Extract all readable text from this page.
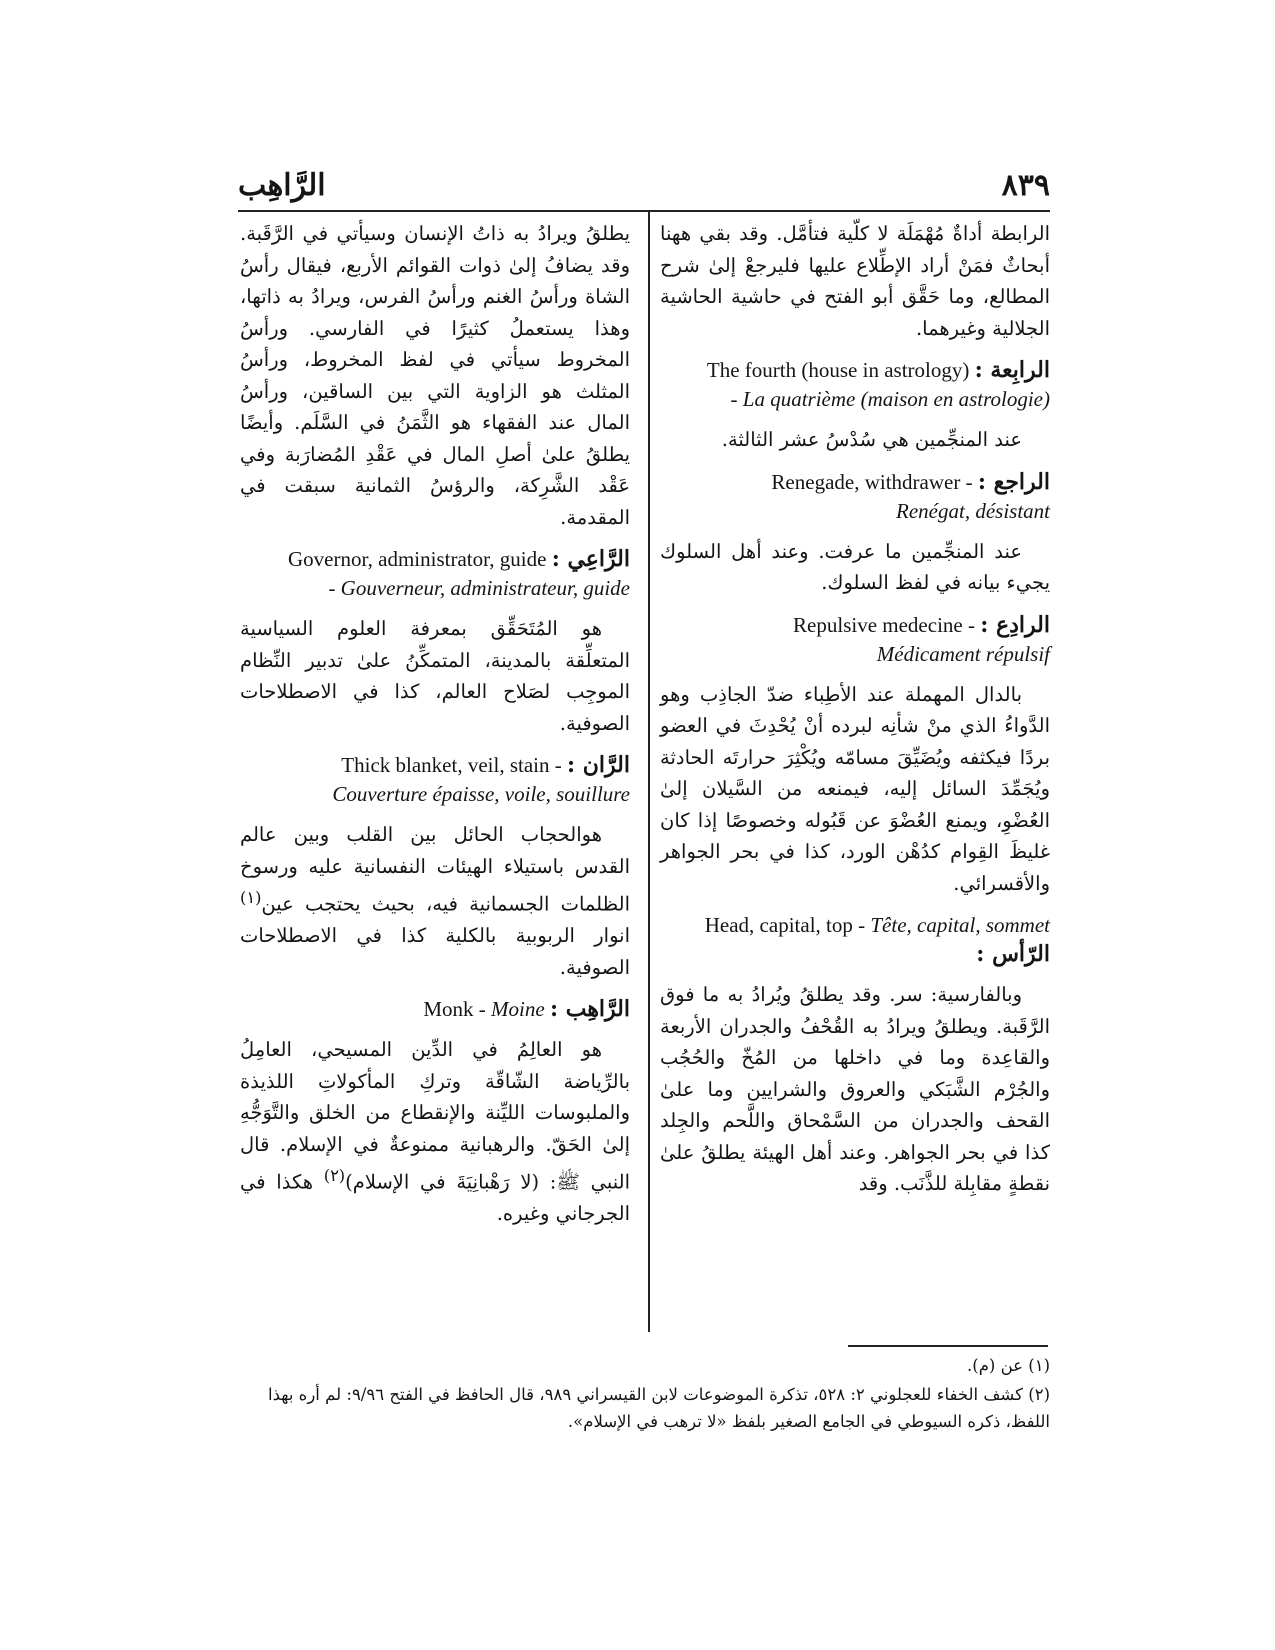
الرَّاهِب	٨٣٩

الرابطة أداةٌ مُهْمَلَة لا كلّية فتأمَّل. وقد بقي ههنا أبحاثٌ فمَنْ أراد الإطِّلاع عليها فليرجعْ إلىٰ شرح المطالع، وما حَقَّق أبو الفتح في حاشية الحاشية الجلالية وغيرهما.

The fourth (house in astrology) الرابِعة :
- La quatrième (maison en astrologie)

عند المنجِّمين هي سُدْسُ عشر الثالثة.

Renegade, withdrawer - الراجع :
Renégat, désistant

عند المنجِّمين ما عرفت. وعند أهل السلوك يجيء بيانه في لفظ السلوك.

Repulsive medecine - الرادِع :
Médicament répulsif

بالدال المهملة عند الأطِباء ضدّ الجاذِب وهو الدَّواءُ الذي منْ شأنِه لبرده أنْ يُحْدِثَ في العضو بردًا فيكثفه ويُضَيِّقَ مسامّه ويُكْثِرَ حرارتَه الحادثة ويُجَمِّدَ السائل إليه، فيمنعه من السَّيلان إلىٰ العُضْوِ، ويمنع العُضْوَ عن قَبُوله وخصوصًا إذا كان غليظَ القِوام كدُهْن الورد، كذا في بحر الجواهر والأقسرائي.

Head, capital, top - Tête, capital, sommet الرّأس :

وبالفارسية: سر. وقد يطلقُ ويُرادُ به ما فوق الرَّقَبة. ويطلقُ ويرادُ به القُحْفُ والجدران الأربعة والقاعِدة وما في داخلها من المُخّ والحُجُب والجُرْم الشَّبَكي والعروق والشرايين وما علىٰ القحف والجدران من السَّمْحاق واللَّحم والجِلد كذا في بحر الجواهر. وعند أهل الهيئة يطلقُ علىٰ نقطةٍ مقابِلة للذَّنَب. وقد

يطلقُ ويرادُ به ذاتُ الإنسان وسيأتي في الرَّقَبة. وقد يضافُ إلىٰ ذوات القوائم الأربع، فيقال رأسُ الشاة ورأسُ الغنم ورأسُ الفرس، ويرادُ به ذاتها، وهذا يستعملُ كثيرًا في الفارسي. ورأسُ المخروط سيأتي في لفظ المخروط، ورأسُ المثلث هو الزاوية التي بين الساقين، ورأسُ المال عند الفقهاء هو الثَّمَنُ في السَّلَم. وأيضًا يطلقُ علىٰ أصلِ المال في عَقْدِ المُضارَبة وفي عَقْد الشَّرِكة، والرؤسُ الثمانية سبقت في المقدمة.

Governor, administrator, guide الرَّاعِي :
- Gouverneur, administrateur, guide

هو المُتَحَقِّق بمعرفة العلوم السياسية المتعلِّقة بالمدينة، المتمكِّنُ علىٰ تدبير النِّظام الموجِب لصَلاح العالم، كذا في الاصطلاحات الصوفية.

Thick blanket, veil, stain - الرَّان :
Couverture épaisse, voile, souillure

هوالحجاب الحائل بين القلب وبين عالم القدس باستيلاء الهيئات النفسانية عليه ورسوخ الظلمات الجسمانية فيه، بحيث يحتجب عين$^{(١)}$ انوار الربوبية بالكلية كذا في الاصطلاحات الصوفية.

Monk - Moine الرَّاهِب :

هو العالِمُ في الدِّين المسيحي، العامِلُ بالرِّياضة الشّاقّة وتركِ المأكولاتِ اللذيذة والملبوسات الليِّنة والإنقطاع من الخلق والتَّوَجُّهِ إلىٰ الحَقّ. والرهبانية ممنوعةٌ في الإسلام. قال النبي ﷺ: (لا رَهْبانِيَةَ في الإسلام)$^{(٢)}$ هكذا في الجرجاني وغيره.

(١) عن (م).

(٢) كشف الخفاء للعجلوني ٢: ٥٢٨، تذكرة الموضوعات لابن القيسراني ٩٨٩، قال الحافظ في الفتح ٩/٩٦: لم أره بهذا اللفظ، ذكره السيوطي في الجامع الصغير بلفظ «لا ترهب في الإسلام».
